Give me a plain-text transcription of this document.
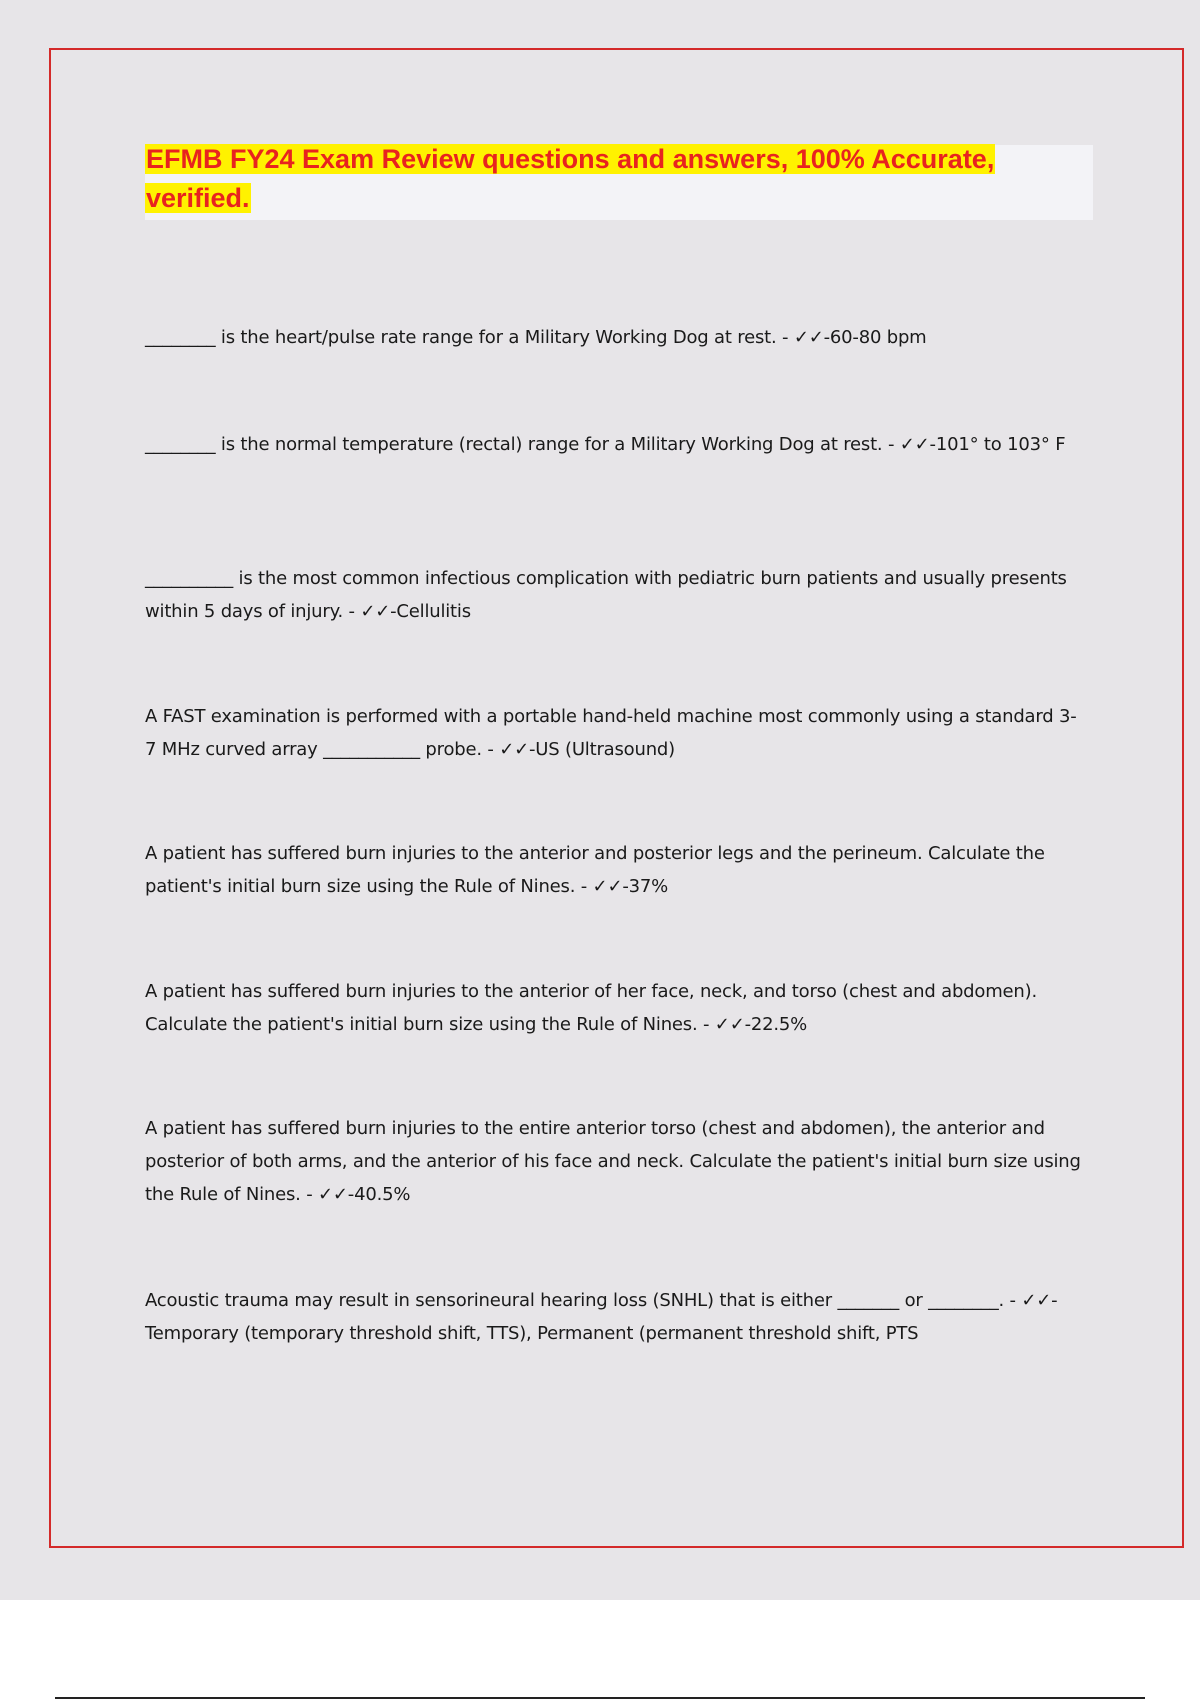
EFMB FY24 Exam Review questions and answers, 100% Accurate,
verified.

________ is the heart/pulse rate range for a Military Working Dog at rest. - ✓✓-60-80 bpm

________ is the normal temperature (rectal) range for a Military Working Dog at rest. - ✓✓-101° to 103° F

__________ is the most common infectious complication with pediatric burn patients and usually presents within 5 days of injury. - ✓✓-Cellulitis

A FAST examination is performed with a portable hand-held machine most commonly using a standard 3-7 MHz curved array ___________ probe. - ✓✓-US (Ultrasound)

A patient has suffered burn injuries to the anterior and posterior legs and the perineum. Calculate the patient's initial burn size using the Rule of Nines. - ✓✓-37%

A patient has suffered burn injuries to the anterior of her face, neck, and torso (chest and abdomen). Calculate the patient's initial burn size using the Rule of Nines. - ✓✓-22.5%

A patient has suffered burn injuries to the entire anterior torso (chest and abdomen), the anterior and posterior of both arms, and the anterior of his face and neck. Calculate the patient's initial burn size using the Rule of Nines. - ✓✓-40.5%

Acoustic trauma may result in sensorineural hearing loss (SNHL) that is either _______ or ________. - ✓✓-Temporary (temporary threshold shift, TTS), Permanent (permanent threshold shift, PTS
